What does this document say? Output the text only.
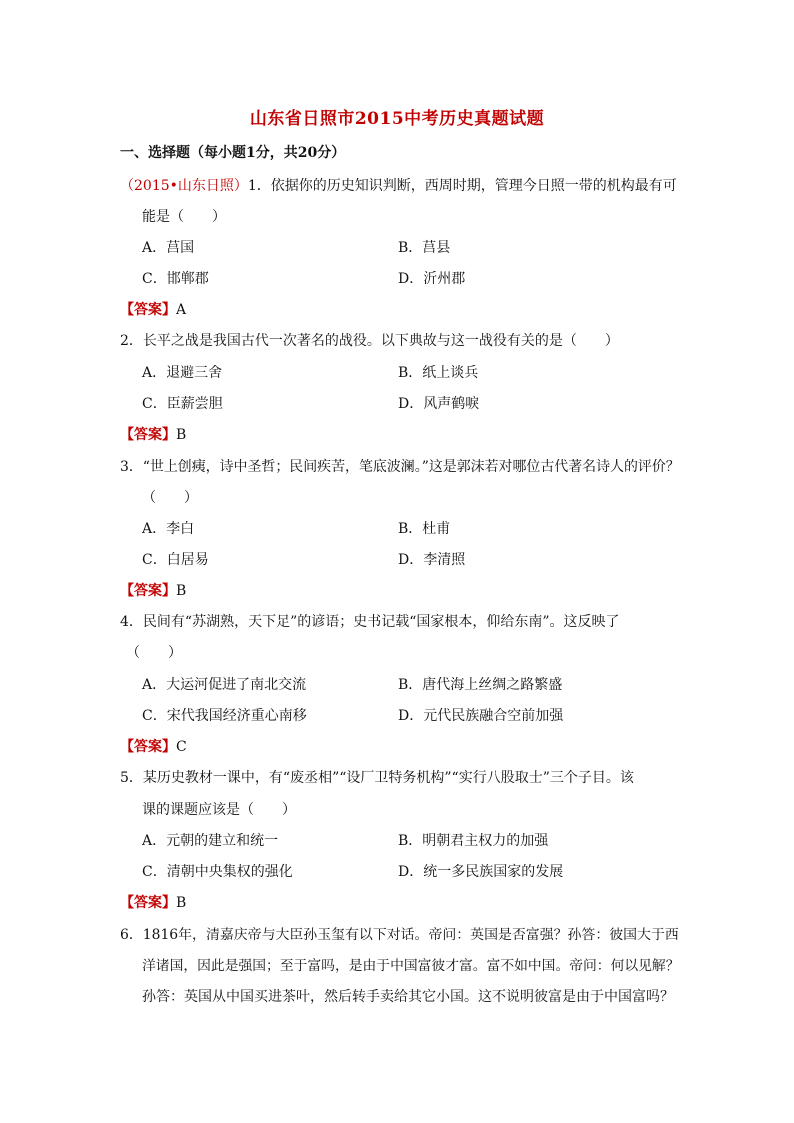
山东省日照市2015中考历史真题试题
一、选择题（每小题1分，共20分）
（2015•山东日照）1．依据你的历史知识判断，西周时期，管理今日照一带的机构最有可
能是（　　）
A．莒国	B．莒县
C．邯郸郡	D．沂州郡
【答案】A
2．长平之战是我国古代一次著名的战役。以下典故与这一战役有关的是（　　）
A．退避三舍	B．纸上谈兵
C．臣薪尝胆	D．风声鹤唳
【答案】B
3．“世上创痍，诗中圣哲；民间疾苦，笔底波澜。”这是郭沫若对哪位古代著名诗人的评价？
（　　）
A．李白	B．杜甫
C．白居易	D．李清照
【答案】B
4．民间有“苏湖熟，天下足”的谚语；史书记载“国家根本，仰给东南”。这反映了
（　　）
A．大运河促进了南北交流	B．唐代海上丝绸之路繁盛
C．宋代我国经济重心南移	D．元代民族融合空前加强
【答案】C
5．某历史教材一课中，有“废丞相”“设厂卫特务机构”“实行八股取士”三个子目。该
课的课题应该是（　　）
A．元朝的建立和统一	B．明朝君主权力的加强
C．清朝中央集权的强化	D．统一多民族国家的发展
【答案】B
6．1816年，清嘉庆帝与大臣孙玉玺有以下对话。帝问：英国是否富强？孙答：彼国大于西
洋诸国，因此是强国；至于富吗，是由于中国富彼才富。富不如中国。帝问：何以见解？
孙答：英国从中国买进茶叶，然后转手卖给其它小国。这不说明彼富是由于中国富吗？
